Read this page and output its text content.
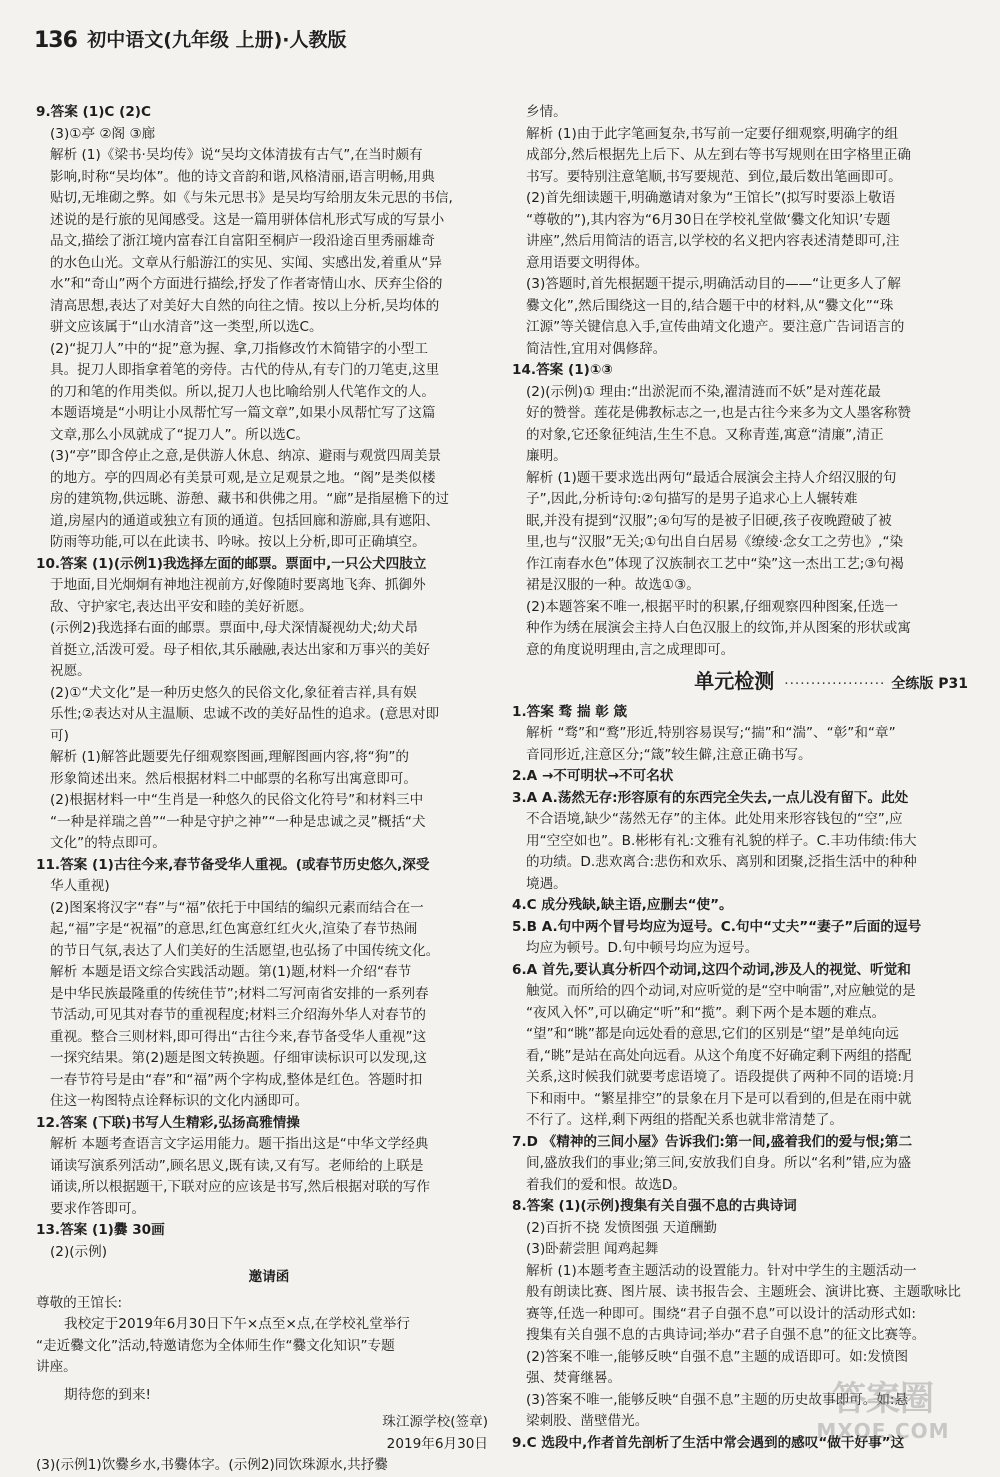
136 初中语文(九年级 上册)·人教版
9.答案 (1)C (2)C
(3)①亭 ②阁 ③廊
解析 (1)《梁书·吴均传》说“吴均文体清拔有古气”,在当时颇有
影响,时称“吴均体”。他的诗文音韵和谐,风格清丽,语言明畅,用典
贴切,无堆砌之弊。如《与朱元思书》是吴均写给朋友朱元思的书信,
述说的是行旅的见闻感受。这是一篇用骈体信札形式写成的写景小
品文,描绘了浙江境内富春江自富阳至桐庐一段沿途百里秀丽雄奇
的水色山光。文章从行船游江的实见、实闻、实感出发,着重从“异
水”和“奇山”两个方面进行描绘,抒发了作者寄情山水、厌弃尘俗的
清高思想,表达了对美好大自然的向往之情。按以上分析,吴均体的
骈文应该属于“山水清音”这一类型,所以选C。
(2)“捉刀人”中的“捉”意为握、拿,刀指修改竹木简错字的小型工
具。捉刀人即指拿着笔的旁侍。古代的侍从,有专门的刀笔吏,这里
的刀和笔的作用类似。所以,捉刀人也比喻给别人代笔作文的人。
本题语境是“小明让小凤帮忙写一篇文章”,如果小凤帮忙写了这篇
文章,那么小凤就成了“捉刀人”。所以选C。
(3)“亭”即含停止之意,是供游人休息、纳凉、避雨与观赏四周美景
的地方。亭的四周必有美景可观,是立足观景之地。“阁”是类似楼
房的建筑物,供远眺、游憩、藏书和供佛之用。“廊”是指屋檐下的过
道,房屋内的通道或独立有顶的通道。包括回廊和游廊,具有遮阳、
防雨等功能,可以在此读书、吟咏。按以上分析,即可正确填空。
10.答案 (1)(示例1)我选择左面的邮票。票面中,一只公犬四肢立
于地面,目光炯炯有神地注视前方,好像随时要离地飞奔、抓御外
敌、守护家宅,表达出平安和睦的美好祈愿。
(示例2)我选择右面的邮票。票面中,母犬深情凝视幼犬;幼犬昂
首挺立,活泼可爱。母子相依,其乐融融,表达出家和万事兴的美好
祝愿。
(2)①“犬文化”是一种历史悠久的民俗文化,象征着吉祥,具有娱
乐性;②表达对从主温顺、忠诚不改的美好品性的追求。(意思对即
可)
解析 (1)解答此题要先仔细观察图画,理解图画内容,将“狗”的
形象简述出来。然后根据材料二中邮票的名称写出寓意即可。
(2)根据材料一中“生肖是一种悠久的民俗文化符号”和材料三中
“一种是祥瑞之兽”“一种是守护之神”“一种是忠诚之灵”概括“犬
文化”的特点即可。
11.答案 (1)古往今来,春节备受华人重视。(或春节历史悠久,深受
华人重视)
(2)图案将汉字“春”与“福”依托于中国结的编织元素而结合在一
起,“福”字是“祝福”的意思,红色寓意红红火火,渲染了春节热闹
的节日气氛,表达了人们美好的生活愿望,也弘扬了中国传统文化。
解析 本题是语文综合实践活动题。第(1)题,材料一介绍“春节
是中华民族最隆重的传统佳节”;材料二写河南省安排的一系列春
节活动,可见其对春节的重视程度;材料三介绍海外华人对春节的
重视。整合三则材料,即可得出“古往今来,春节备受华人重视”这
一探究结果。第(2)题是图文转换题。仔细审读标识可以发现,这
一春节符号是由“春”和“福”两个字构成,整体是红色。答题时扣
住这一构图特点诠释标识的文化内涵即可。
12.答案 (下联)书写人生精彩,弘扬高雅情操
解析 本题考查语言文字运用能力。题干指出这是“中华文学经典
诵读写演系列活动”,顾名思义,既有读,又有写。老师给的上联是
诵读,所以根据题干,下联对应的应该是书写,然后根据对联的写作
要求作答即可。
13.答案 (1)爨 30画
(2)(示例)
邀请函
尊敬的王馆长:
我校定于2019年6月30日下午×点至×点,在学校礼堂举行
“走近爨文化”活动,特邀请您为全体师生作“爨文化知识”专题
讲座。
期待您的到来!
珠江源学校(签章)
2019年6月30日
(3)(示例1)饮爨乡水,书爨体字。(示例2)同饮珠源水,共抒爨
乡情。
解析 (1)由于此字笔画复杂,书写前一定要仔细观察,明确字的组
成部分,然后根据先上后下、从左到右等书写规则在田字格里正确
书写。要特别注意笔顺,书写要规范、到位,最后数出笔画即可。
(2)首先细读题干,明确邀请对象为“王馆长”(拟写时要添上敬语
“尊敬的”),其内容为“6月30日在学校礼堂做‘爨文化知识’专题
讲座”,然后用简洁的语言,以学校的名义把内容表述清楚即可,注
意用语要文明得体。
(3)答题时,首先根据题干提示,明确活动目的——“让更多人了解
爨文化”,然后围绕这一目的,结合题干中的材料,从“爨文化”“珠
江源”等关键信息入手,宣传曲靖文化遗产。要注意广告词语言的
简洁性,宜用对偶修辞。
14.答案 (1)①③
(2)(示例)① 理由:“出淤泥而不染,濯清涟而不妖”是对莲花最
好的赞誉。莲花是佛教标志之一,也是古往今来多为文人墨客称赞
的对象,它还象征纯洁,生生不息。又称青莲,寓意“清廉”,清正
廉明。
解析 (1)题干要求选出两句“最适合展演会主持人介绍汉服的句
子”,因此,分析诗句:②句描写的是男子追求心上人辗转难
眠,并没有提到“汉服”;④句写的是被子旧硬,孩子夜晚蹬破了被
里,也与“汉服”无关;①句出自白居易《缭绫·念女工之劳也》,“染
作江南春水色”体现了汉族制衣工艺中“染”这一杰出工艺;③句褐
裙是汉服的一种。故选①③。
(2)本题答案不唯一,根据平时的积累,仔细观察四种图案,任选一
种作为绣在展演会主持人白色汉服上的纹饰,并从图案的形状或寓
意的角度说明理由,言之成理即可。
单元检测 ··················· 全练版 P31
1.答案 骛 揣 彰 箴
解析 “骛”和“鹜”形近,特别容易误写;“揣”和“湍”、“彰”和“章”
音同形近,注意区分;“箴”较生僻,注意正确书写。
2.A →不可明状→不可名状
3.A A.荡然无存:形容原有的东西完全失去,一点儿没有留下。此处
不合语境,缺少“荡然无存”的主体。此处用来形容钱包的“空”,应
用“空空如也”。B.彬彬有礼:文雅有礼貌的样子。C.丰功伟绩:伟大
的功绩。D.悲欢离合:悲伤和欢乐、离别和团聚,泛指生活中的种种
境遇。
4.C 成分残缺,缺主语,应删去“使”。
5.B A.句中两个冒号均应为逗号。C.句中“丈夫”“妻子”后面的逗号
均应为顿号。D.句中顿号均应为逗号。
6.A 首先,要认真分析四个动词,这四个动词,涉及人的视觉、听觉和
触觉。而所给的四个动词,对应听觉的是“空中响雷”,对应触觉的是
“夜风入怀”,可以确定“听”和“揽”。剩下两个是本题的难点。
“望”和“眺”都是向远处看的意思,它们的区别是“望”是单纯向远
看,“眺”是站在高处向远看。从这个角度不好确定剩下两组的搭配
关系,这时候我们就要考虑语境了。语段提供了两种不同的语境:月
下和雨中。“繁星排空”的景象在月下是可以看到的,但是在雨中就
不行了。这样,剩下两组的搭配关系也就非常清楚了。
7.D 《精神的三间小屋》告诉我们:第一间,盛着我们的爱与恨;第二
间,盛放我们的事业;第三间,安放我们自身。所以“名利”错,应为盛
着我们的爱和恨。故选D。
8.答案 (1)(示例)搜集有关自强不息的古典诗词
(2)百折不挠 发愤图强 天道酬勤
(3)卧薪尝胆 闻鸡起舞
解析 (1)本题考查主题活动的设置能力。针对中学生的主题活动一
般有朗读比赛、图片展、读书报告会、主题班会、演讲比赛、主题歌咏比
赛等,任选一种即可。围绕“君子自强不息”可以设计的活动形式如:
搜集有关自强不息的古典诗词;举办“君子自强不息”的征文比赛等。
(2)答案不唯一,能够反映“自强不息”主题的成语即可。如:发愤图
强、焚膏继晷。
(3)答案不唯一,能够反映“自强不息”主题的历史故事即可。如:悬
梁刺股、凿壁借光。
9.C 选段中,作者首先剖析了生活中常会遇到的感叹“做干好事”这
答案圈
MXQE.COM
